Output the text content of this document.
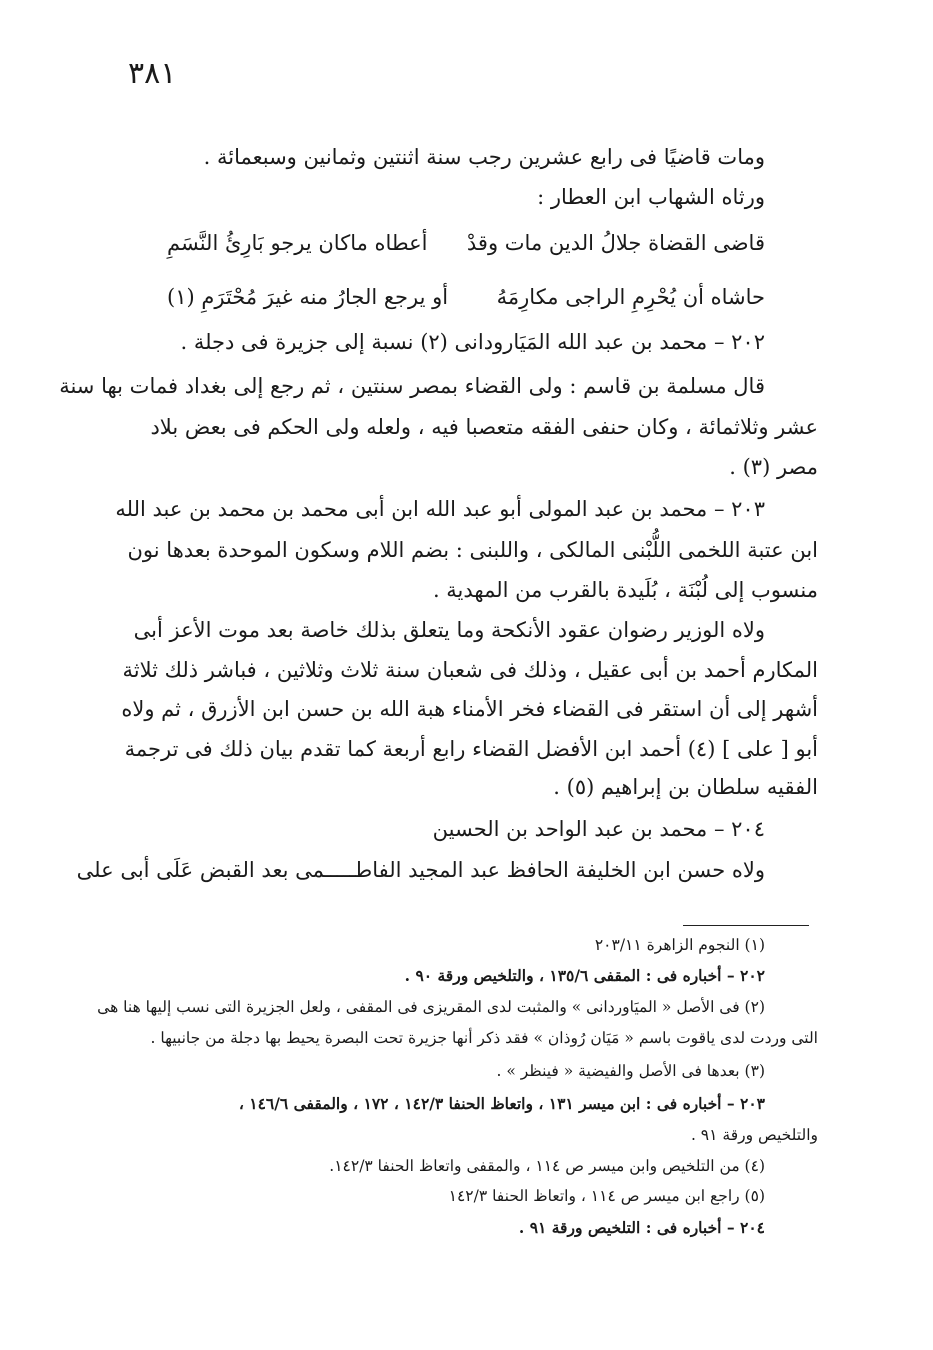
٣٨١
ومات قاضيًا فى رابع عشرين رجب سنة اثنتين وثمانين وسبعمائة .
ورثاه الشهاب ابن العطار :
قاضى القضاة جلالُ الدين مات وقدْ
أعطاه ماكان يرجو بَارِئُ النَّسَمِ
حاشاه أن يُحْرِمِ الراجى مكارِمَهُ
أو يرجع الجارُ منه غيرَ مُحْتَرَمِ (١)
٢٠٢ – محمد بن عبد الله المَيَارودانى (٢) نسبة إلى جزيرة فى دجلة .
قال مسلمة بن قاسم : ولى القضاء بمصر سنتين ، ثم رجع إلى بغداد فمات بها سنة
عشر وثلاثمائة ، وكان حنفى الفقه متعصبا فيه ، ولعله ولى الحكم فى بعض بلاد
مصر (٣) .
٢٠٣ – محمد بن عبد المولى أبو عبد الله ابن أبى محمد بن محمد بن عبد الله
ابن عتبة اللخمى اللُّبْنى المالكى ، واللبنى : بضم اللام وسكون الموحدة بعدها نون
منسوب إلى لُبْنَة ، بُلَيدة بالقرب من المهدية .
ولاه الوزير رضوان عقود الأنكحة وما يتعلق بذلك خاصة بعد موت الأعز أبى
المكارم أحمد بن أبى عقيل ، وذلك فى شعبان سنة ثلاث وثلاثين ، فباشر ذلك ثلاثة
أشهر إلى أن استقر فى القضاء فخر الأمناء هبة الله بن حسن ابن الأزرق ، ثم ولاه
أبو [ على ] (٤) أحمد ابن الأفضل القضاء رابع أربعة كما تقدم بيان ذلك فى ترجمة
الفقيه سلطان بن إبراهيم (٥) .
٢٠٤ – محمد بن عبد الواحد بن الحسين
ولاه حسن ابن الخليفة الحافظ عبد المجيد الفاطـــــمى بعد القبض عَلَى أبى على
(١) النجوم الزاهرة ٢٠٣/١١
٢٠٢ – أخباره فى : المقفى ١٣٥/٦ ، والتلخيص ورقة ٩٠ .
(٢) فى الأصل « الميَاوردانى » والمثبت لدى المقريزى فى المقفى ، ولعل الجزيرة التى نسب إليها هنا هى
التى وردت لدى ياقوت باسم « مَيَان رُوذان » فقد ذكر أنها جزيرة تحت البصرة يحيط بها دجلة من جانبيها .
(٣) بعدها فى الأصل والفيضية « فينظر » .
٢٠٣ – أخباره فى : ابن ميسر ١٣١ ، واتعاظ الحنفا ١٤٢/٣ ، ١٧٢ ، والمقفى ١٤٦/٦ ،
والتلخيص ورقة ٩١ .
(٤) من التلخيص وابن ميسر ص ١١٤ ، والمقفى واتعاظ الحنفا ١٤٢/٣.
(٥) راجع ابن ميسر ص ١١٤ ، واتعاظ الحنفا ١٤٢/٣
٢٠٤ – أخباره فى : التلخيص ورقة ٩١ .
